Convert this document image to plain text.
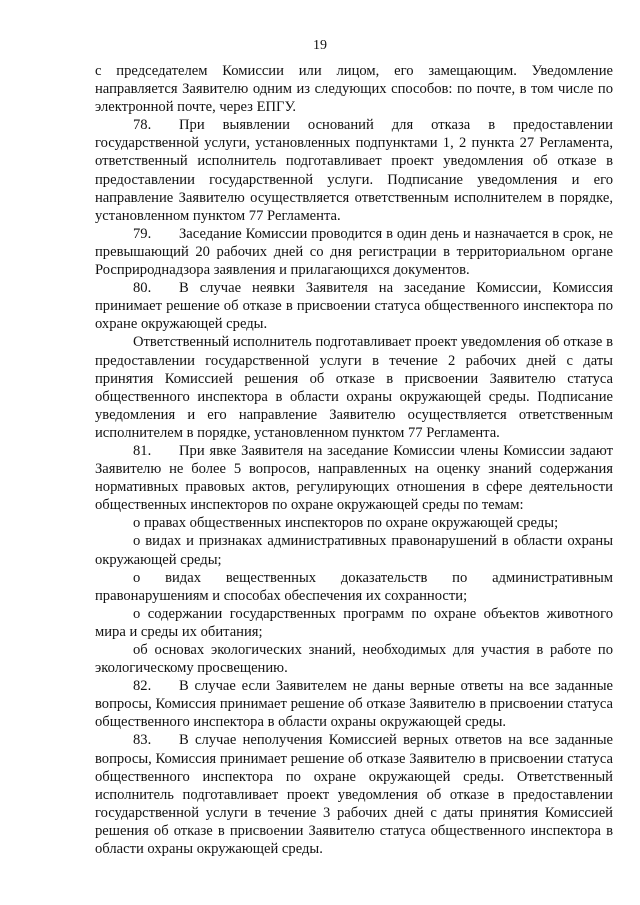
19

с председателем Комиссии или лицом, его замещающим. Уведомление направляется Заявителю одним из следующих способов: по почте, в том числе по электронной почте, через ЕПГУ.

78. При выявлении оснований для отказа в предоставлении государственной услуги, установленных подпунктами 1, 2 пункта 27 Регламента, ответственный исполнитель подготавливает проект уведомления об отказе в предоставлении государственной услуги. Подписание уведомления и его направление Заявителю осуществляется ответственным исполнителем в порядке, установленном пунктом 77 Регламента.

79. Заседание Комиссии проводится в один день и назначается в срок, не превышающий 20 рабочих дней со дня регистрации в территориальном органе Росприроднадзора заявления и прилагающихся документов.

80. В случае неявки Заявителя на заседание Комиссии, Комиссия принимает решение об отказе в присвоении статуса общественного инспектора по охране окружающей среды.

Ответственный исполнитель подготавливает проект уведомления об отказе в предоставлении государственной услуги в течение 2 рабочих дней с даты принятия Комиссией решения об отказе в присвоении Заявителю статуса общественного инспектора в области охраны окружающей среды. Подписание уведомления и его направление Заявителю осуществляется ответственным исполнителем в порядке, установленном пунктом 77 Регламента.

81. При явке Заявителя на заседание Комиссии члены Комиссии задают Заявителю не более 5 вопросов, направленных на оценку знаний содержания нормативных правовых актов, регулирующих отношения в сфере деятельности общественных инспекторов по охране окружающей среды по темам:

о правах общественных инспекторов по охране окружающей среды;

о видах и признаках административных правонарушений в области охраны окружающей среды;

о видах вещественных доказательств по административным правонарушениям и способах обеспечения их сохранности;

о содержании государственных программ по охране объектов животного мира и среды их обитания;

об основах экологических знаний, необходимых для участия в работе по экологическому просвещению.

82. В случае если Заявителем не даны верные ответы на все заданные вопросы, Комиссия принимает решение об отказе Заявителю в присвоении статуса общественного инспектора в области охраны окружающей среды.

83. В случае неполучения Комиссией верных ответов на все заданные вопросы, Комиссия принимает решение об отказе Заявителю в присвоении статуса общественного инспектора по охране окружающей среды. Ответственный исполнитель подготавливает проект уведомления об отказе в предоставлении государственной услуги в течение 3 рабочих дней с даты принятия Комиссией решения об отказе в присвоении Заявителю статуса общественного инспектора в области охраны окружающей среды.
